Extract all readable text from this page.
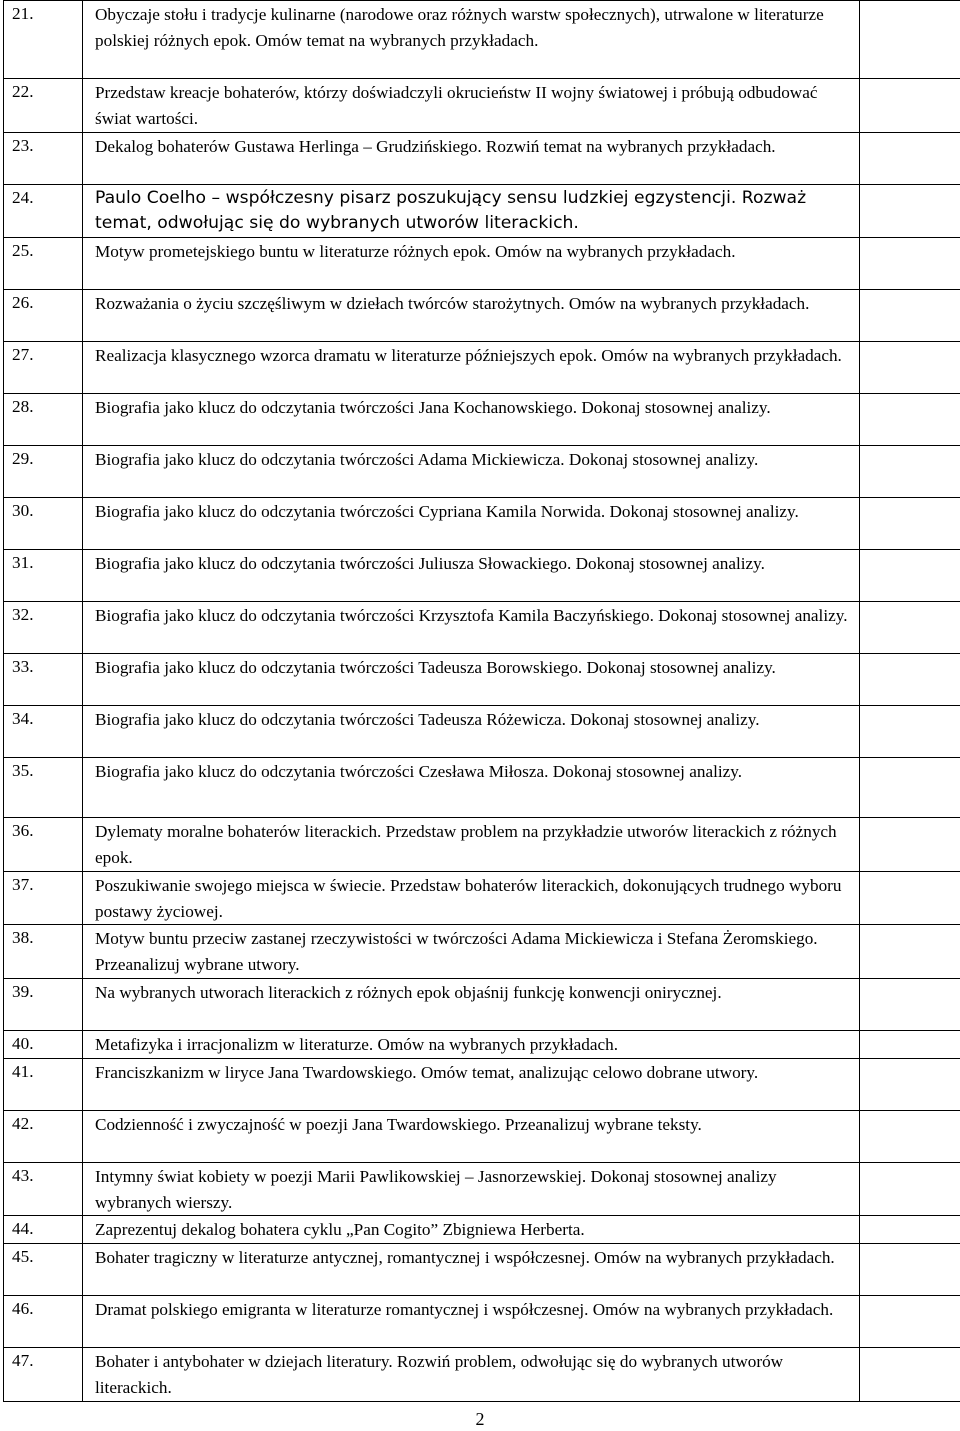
21.	Obyczaje stołu i tradycje kulinarne (narodowe oraz różnych warstw społecznych), utrwalone w literaturze polskiej różnych epok. Omów temat na wybranych przykładach.	
22.	Przedstaw kreacje bohaterów, którzy doświadczyli okrucieństw II wojny światowej i próbują odbudować świat wartości.	
23.	Dekalog bohaterów Gustawa Herlinga – Grudzińskiego. Rozwiń temat na wybranych przykładach.	
24.	Paulo Coelho – współczesny pisarz poszukujący sensu ludzkiej egzystencji. Rozważ temat, odwołując się do wybranych utworów literackich.	
25.	Motyw prometejskiego buntu w literaturze różnych epok. Omów na wybranych przykładach.	
26.	Rozważania o życiu szczęśliwym w dziełach twórców starożytnych. Omów na wybranych przykładach.	
27.	Realizacja klasycznego wzorca dramatu w literaturze późniejszych epok. Omów na wybranych przykładach.	
28.	Biografia jako klucz do odczytania twórczości Jana Kochanowskiego. Dokonaj stosownej analizy.	
29.	Biografia jako klucz do odczytania twórczości Adama Mickiewicza. Dokonaj stosownej analizy.	
30.	Biografia jako klucz do odczytania twórczości Cypriana Kamila Norwida. Dokonaj stosownej analizy.	
31.	Biografia jako klucz do odczytania twórczości Juliusza Słowackiego. Dokonaj stosownej analizy.	
32.	Biografia jako klucz do odczytania twórczości Krzysztofa Kamila Baczyńskiego. Dokonaj stosownej analizy.	
33.	Biografia jako klucz do odczytania twórczości Tadeusza Borowskiego. Dokonaj stosownej analizy.	
34.	Biografia jako klucz do odczytania twórczości Tadeusza Różewicza. Dokonaj stosownej analizy.	
35.	Biografia jako klucz do odczytania twórczości Czesława Miłosza. Dokonaj stosownej analizy.	
36.	Dylematy moralne bohaterów literackich. Przedstaw problem na przykładzie utworów literackich z różnych epok.	
37.	Poszukiwanie swojego miejsca w świecie. Przedstaw bohaterów literackich, dokonujących trudnego wyboru postawy życiowej.	
38.	Motyw buntu przeciw zastanej rzeczywistości w twórczości Adama Mickiewicza i Stefana Żeromskiego. Przeanalizuj wybrane utwory.	
39.	Na wybranych utworach literackich z różnych epok objaśnij funkcję konwencji onirycznej.	
40.	Metafizyka i irracjonalizm w literaturze. Omów na wybranych przykładach.	
41.	Franciszkanizm w liryce Jana Twardowskiego. Omów temat, analizując celowo dobrane utwory.	
42.	Codzienność i zwyczajność w poezji Jana Twardowskiego. Przeanalizuj wybrane teksty.	
43.	Intymny świat kobiety w poezji Marii Pawlikowskiej – Jasnorzewskiej. Dokonaj stosownej analizy wybranych wierszy.	
44.	Zaprezentuj dekalog bohatera cyklu „Pan Cogito” Zbigniewa Herberta.	
45.	Bohater tragiczny w literaturze antycznej, romantycznej i współczesnej. Omów na wybranych przykładach.	
46.	Dramat polskiego emigranta w literaturze romantycznej i współczesnej. Omów na wybranych przykładach.	
47.	Bohater i antybohater w dziejach literatury. Rozwiń problem, odwołując się do wybranych utworów literackich.	
2
